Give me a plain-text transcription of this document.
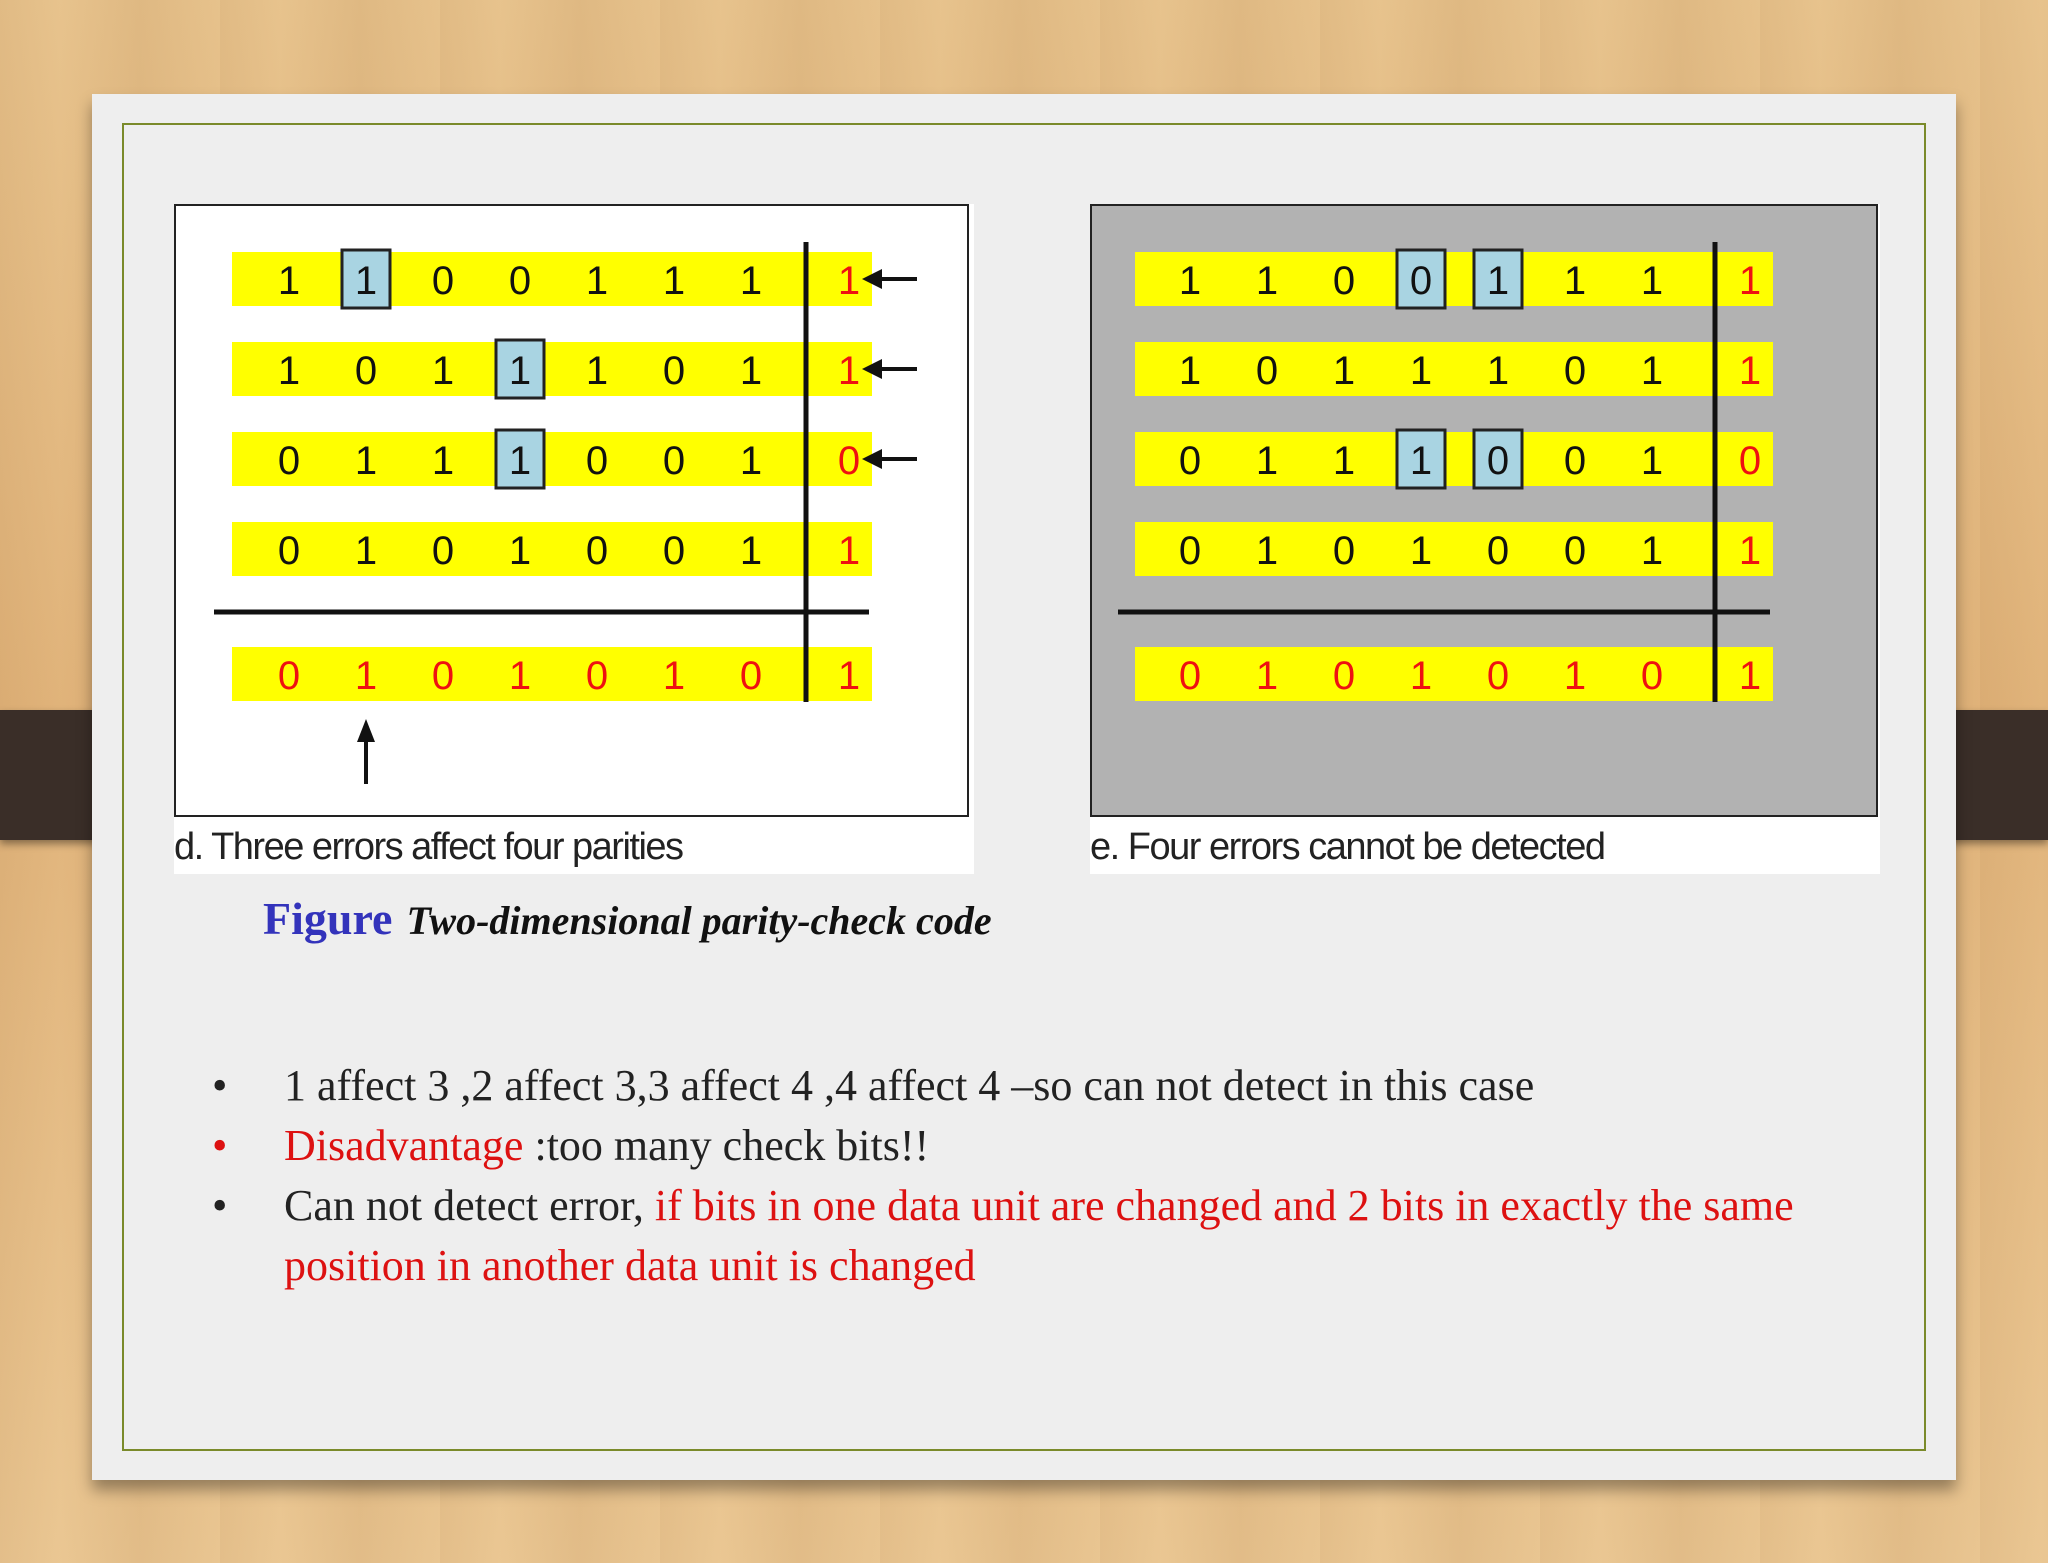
1 1 0 0 1 1 1 1
1 0 1 1 1 0 1 1
0 1 1 1 0 0 1 0
0 1 0 1 0 0 1 1
0 1 0 1 0 1 0 1
d. Three errors affect four parities
1 1 0 0 1 1 1 1
1 0 1 1 1 0 1 1
0 1 1 1 0 0 1 0
0 1 0 1 0 0 1 1
0 1 0 1 0 1 0 1
e. Four errors cannot be detected
Figure Two-dimensional parity-check code
• 1 affect 3 ,2 affect 3,3 affect 4 ,4 affect 4 –so can not detect in this case
• Disadvantage :too many check bits!!
• Can not detect error, if bits in one data unit are changed and 2 bits in exactly the same position in another data unit is changed
